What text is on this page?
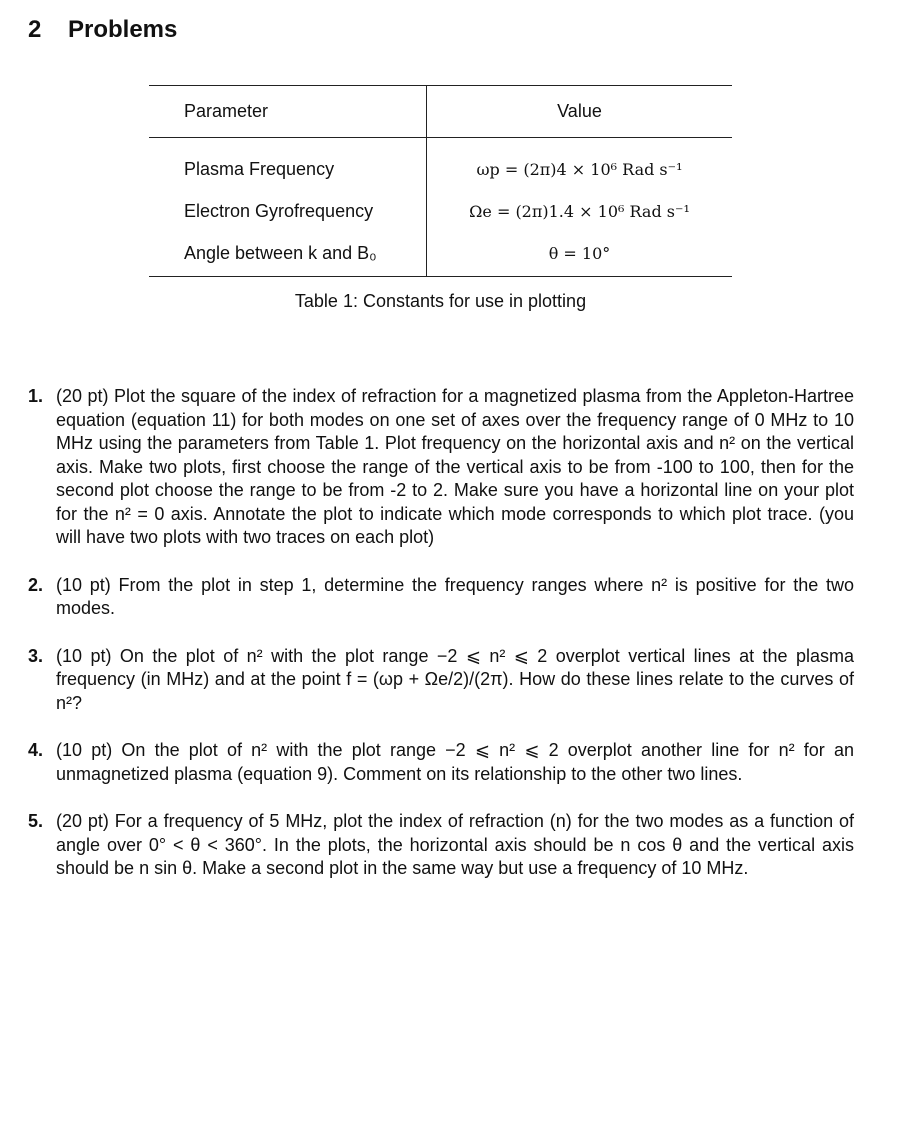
2 Problems
Parameter	Value
Plasma Frequency	ωp = (2π)4 × 10⁶ Rad s⁻¹
Electron Gyrofrequency	Ωe = (2π)1.4 × 10⁶ Rad s⁻¹
Angle between k and B₀	θ = 10°
Table 1: Constants for use in plotting
1. (20 pt) Plot the square of the index of refraction for a magnetized plasma from the Appleton-Hartree equation (equation 11) for both modes on one set of axes over the frequency range of 0 MHz to 10 MHz using the parameters from Table 1. Plot frequency on the horizontal axis and n² on the vertical axis. Make two plots, first choose the range of the vertical axis to be from -100 to 100, then for the second plot choose the range to be from -2 to 2. Make sure you have a horizontal line on your plot for the n² = 0 axis. Annotate the plot to indicate which mode corresponds to which plot trace. (you will have two plots with two traces on each plot)
2. (10 pt) From the plot in step 1, determine the frequency ranges where n² is positive for the two modes.
3. (10 pt) On the plot of n² with the plot range −2 ⩽ n² ⩽ 2 overplot vertical lines at the plasma frequency (in MHz) and at the point f = (ωp + Ωe/2)/(2π). How do these lines relate to the curves of n²?
4. (10 pt) On the plot of n² with the plot range −2 ⩽ n² ⩽ 2 overplot another line for n² for an unmagnetized plasma (equation 9). Comment on its relationship to the other two lines.
5. (20 pt) For a frequency of 5 MHz, plot the index of refraction (n) for the two modes as a function of angle over 0° < θ < 360°. In the plots, the horizontal axis should be n cos θ and the vertical axis should be n sin θ. Make a second plot in the same way but use a frequency of 10 MHz.
